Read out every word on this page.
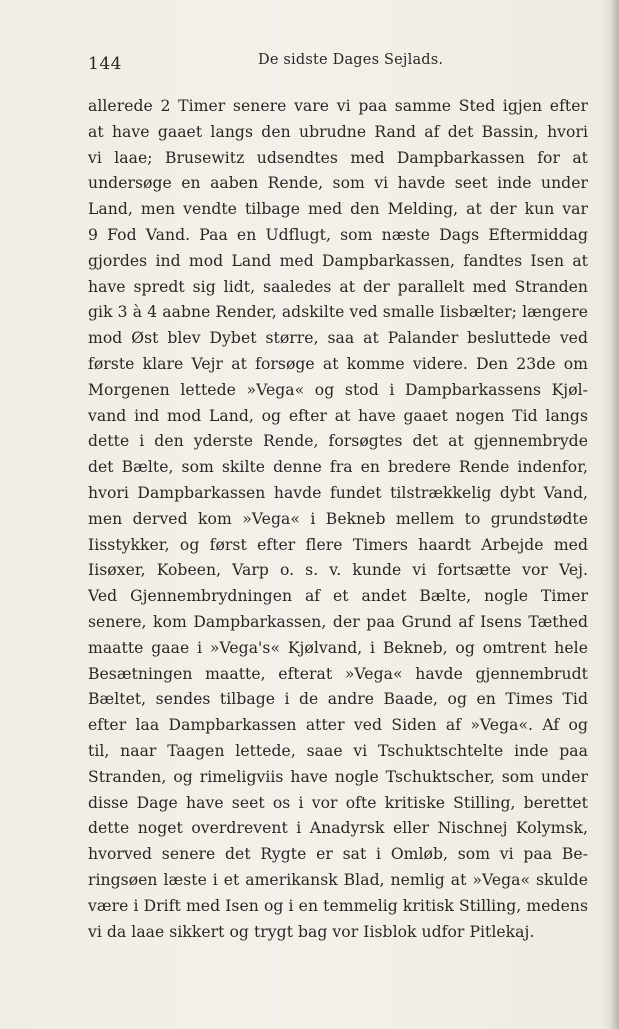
144	De sidste Dages Sejlads.
allerede 2 Timer senere vare vi paa samme Sted igjen efter
at have gaaet langs den ubrudne Rand af det Bassin, hvori
vi laae; Brusewitz udsendtes med Dampbarkassen for at
undersøge en aaben Rende, som vi havde seet inde under
Land, men vendte tilbage med den Melding, at der kun var
9 Fod Vand. Paa en Udflugt, som næste Dags Eftermiddag
gjordes ind mod Land med Dampbarkassen, fandtes Isen at
have spredt sig lidt, saaledes at der parallelt med Stranden
gik 3 à 4 aabne Render, adskilte ved smalle Iisbælter; længere
mod Øst blev Dybet større, saa at Palander besluttede ved
første klare Vejr at forsøge at komme videre. Den 23de om
Morgenen lettede »Vega« og stod i Dampbarkassens Kjøl-
vand ind mod Land, og efter at have gaaet nogen Tid langs
dette i den yderste Rende, forsøgtes det at gjennembryde
det Bælte, som skilte denne fra en bredere Rende indenfor,
hvori Dampbarkassen havde fundet tilstrækkelig dybt Vand,
men derved kom »Vega« i Bekneb mellem to grundstødte
Iisstykker, og først efter flere Timers haardt Arbejde med
Iisøxer, Kobeen, Varp o. s. v. kunde vi fortsætte vor Vej.
Ved Gjennembrydningen af et andet Bælte, nogle Timer
senere, kom Dampbarkassen, der paa Grund af Isens Tæthed
maatte gaae i »Vega's« Kjølvand, i Bekneb, og omtrent hele
Besætningen maatte, efterat »Vega« havde gjennembrudt
Bæltet, sendes tilbage i de andre Baade, og en Times Tid
efter laa Dampbarkassen atter ved Siden af »Vega«. Af og
til, naar Taagen lettede, saae vi Tschuktschtelte inde paa
Stranden, og rimeligviis have nogle Tschuktscher, som under
disse Dage have seet os i vor ofte kritiske Stilling, berettet
dette noget overdrevent i Anadyrsk eller Nischnej Kolymsk,
hvorved senere det Rygte er sat i Omløb, som vi paa Be-
ringsøen læste i et amerikansk Blad, nemlig at »Vega« skulde
være i Drift med Isen og i en temmelig kritisk Stilling, medens
vi da laae sikkert og trygt bag vor Iisblok udfor Pitlekaj.
